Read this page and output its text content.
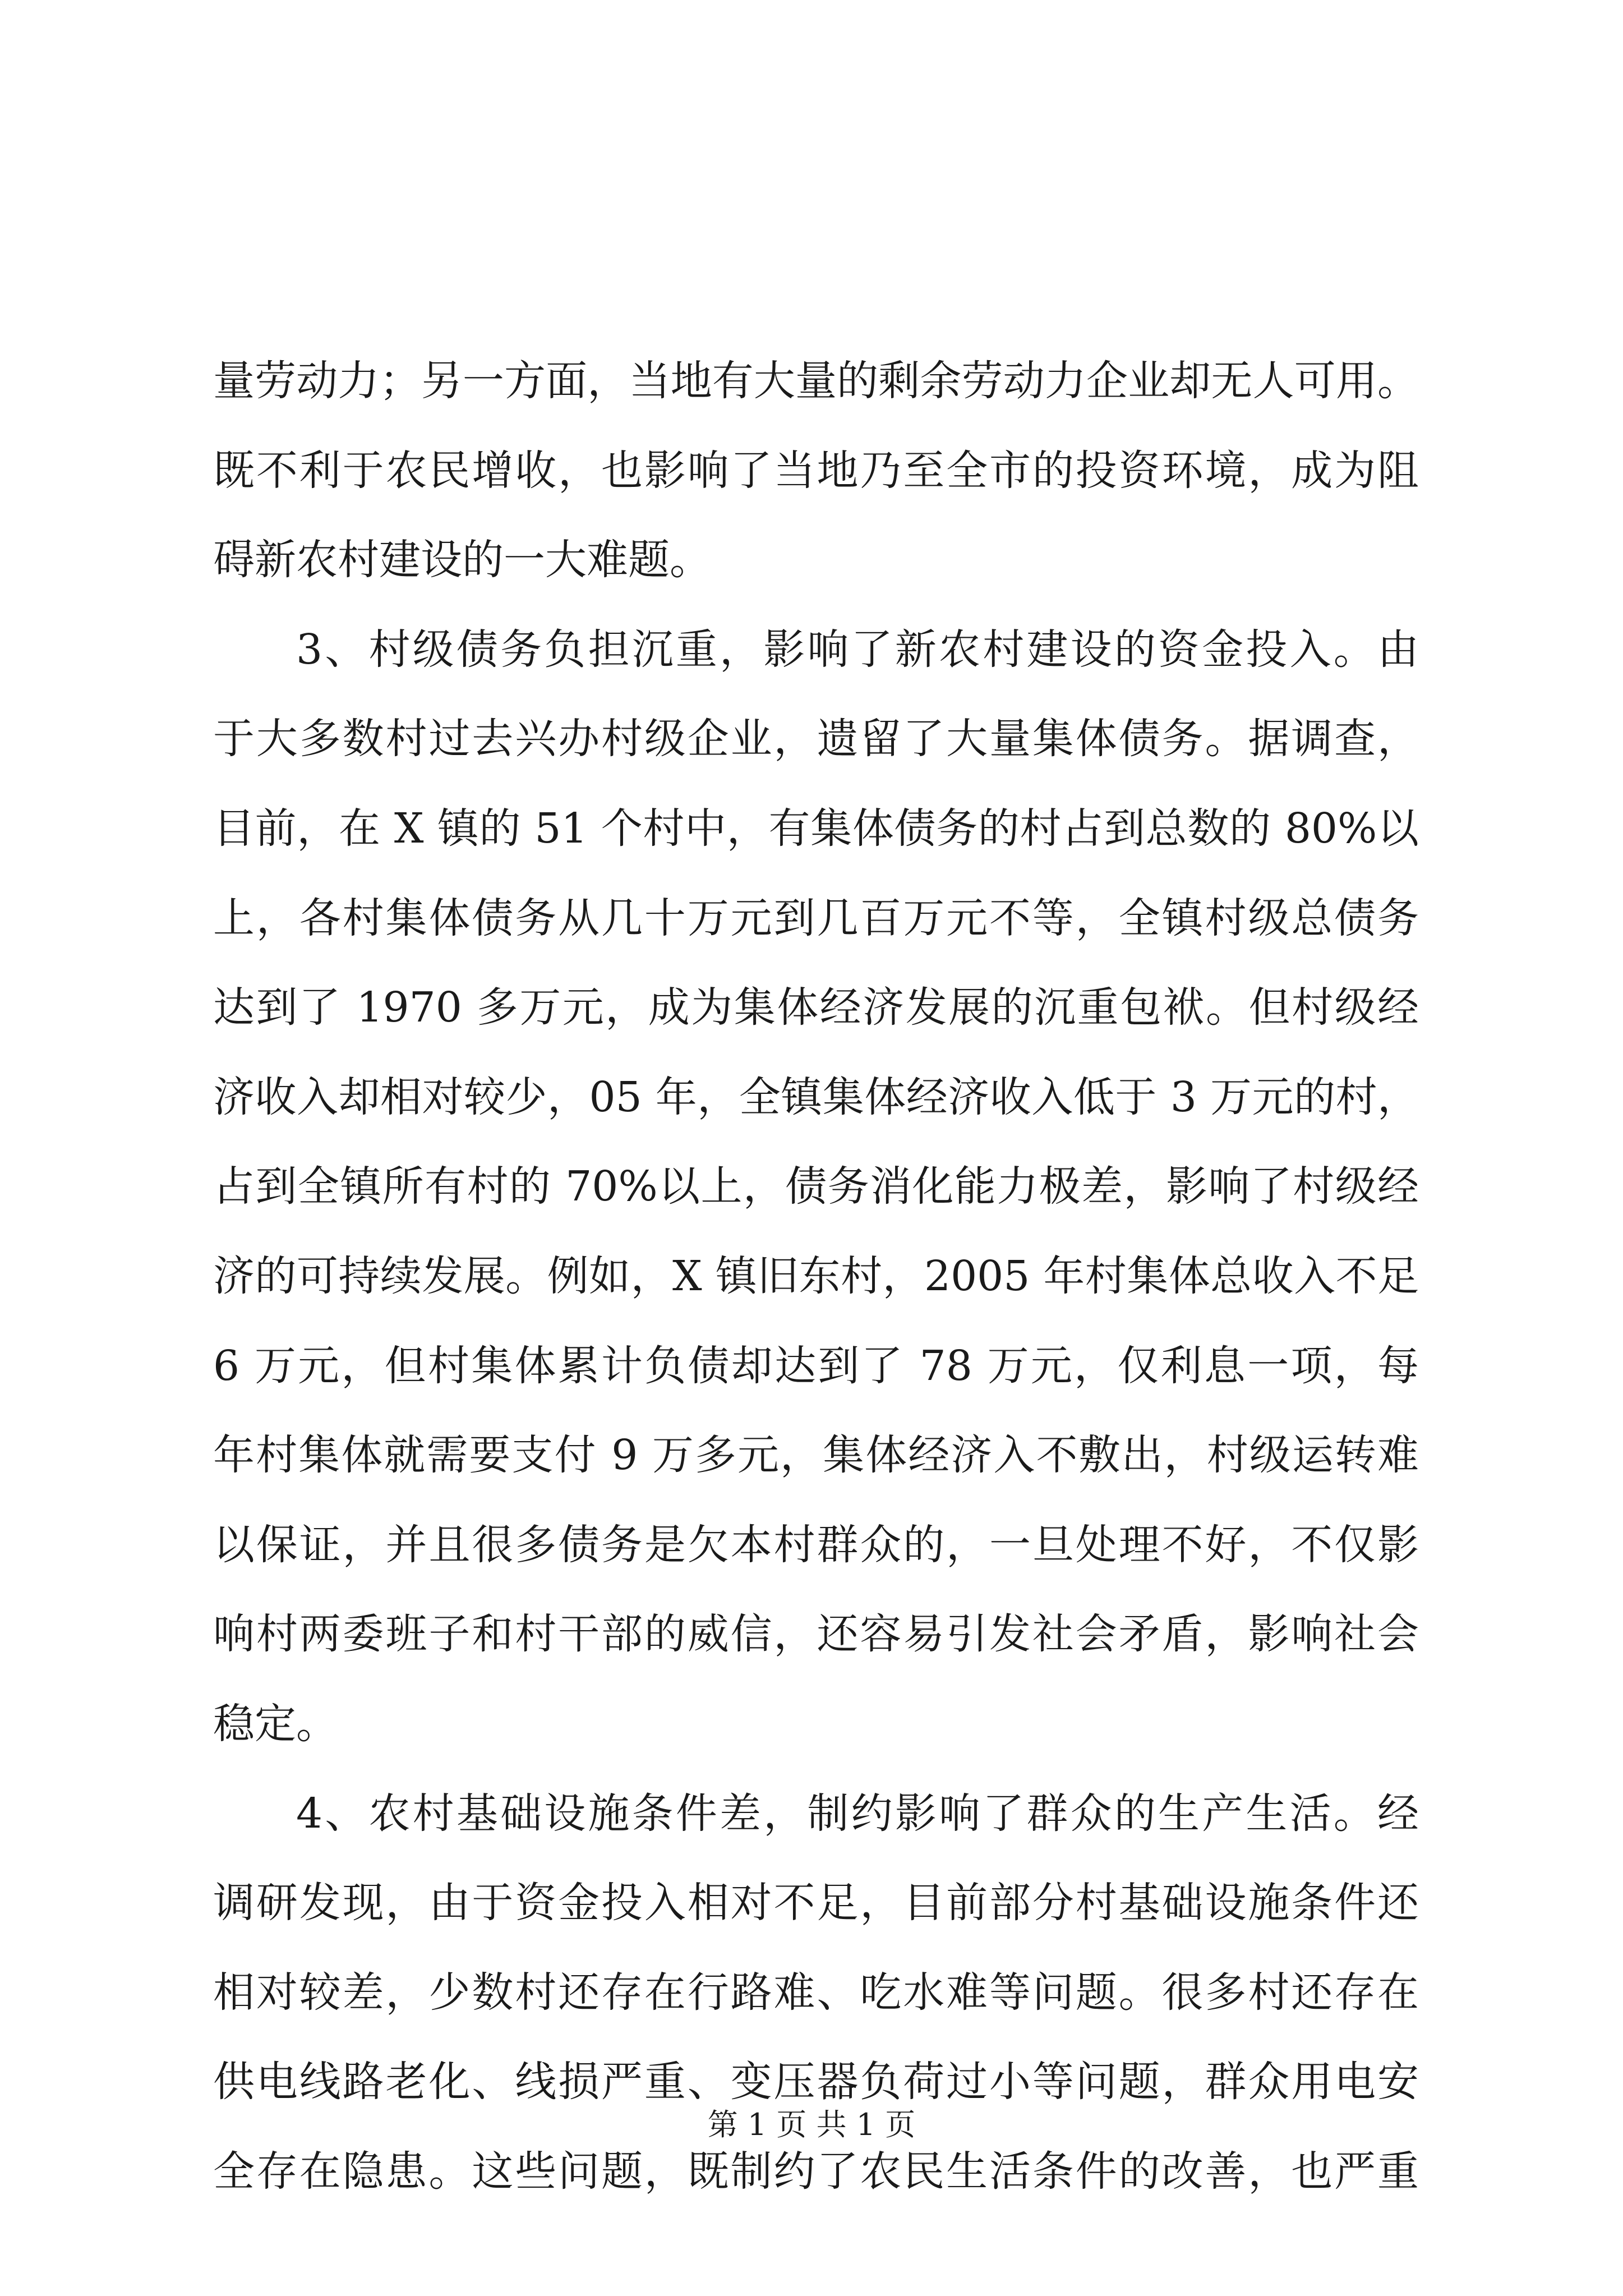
量劳动力；另一方面，当地有大量的剩余劳动力企业却无人可用。
既不利于农民增收，也影响了当地乃至全市的投资环境，成为阻
碍新农村建设的一大难题。
3、村级债务负担沉重，影响了新农村建设的资金投入。由
于大多数村过去兴办村级企业，遗留了大量集体债务。据调查，
目前，在 X 镇的 51 个村中，有集体债务的村占到总数的 80%以
上，各村集体债务从几十万元到几百万元不等，全镇村级总债务
达到了 1970 多万元，成为集体经济发展的沉重包袱。但村级经
济收入却相对较少，05 年，全镇集体经济收入低于 3 万元的村，
占到全镇所有村的 70%以上，债务消化能力极差，影响了村级经
济的可持续发展。例如，X 镇旧东村，2005 年村集体总收入不足
6 万元，但村集体累计负债却达到了 78 万元，仅利息一项，每
年村集体就需要支付 9 万多元，集体经济入不敷出，村级运转难
以保证，并且很多债务是欠本村群众的，一旦处理不好，不仅影
响村两委班子和村干部的威信，还容易引发社会矛盾，影响社会
稳定。
4、农村基础设施条件差，制约影响了群众的生产生活。经
调研发现，由于资金投入相对不足，目前部分村基础设施条件还
相对较差，少数村还存在行路难、吃水难等问题。很多村还存在
供电线路老化、线损严重、变压器负荷过小等问题，群众用电安
全存在隐患。这些问题，既制约了农民生活条件的改善，也严重
第 1 页 共 1 页
